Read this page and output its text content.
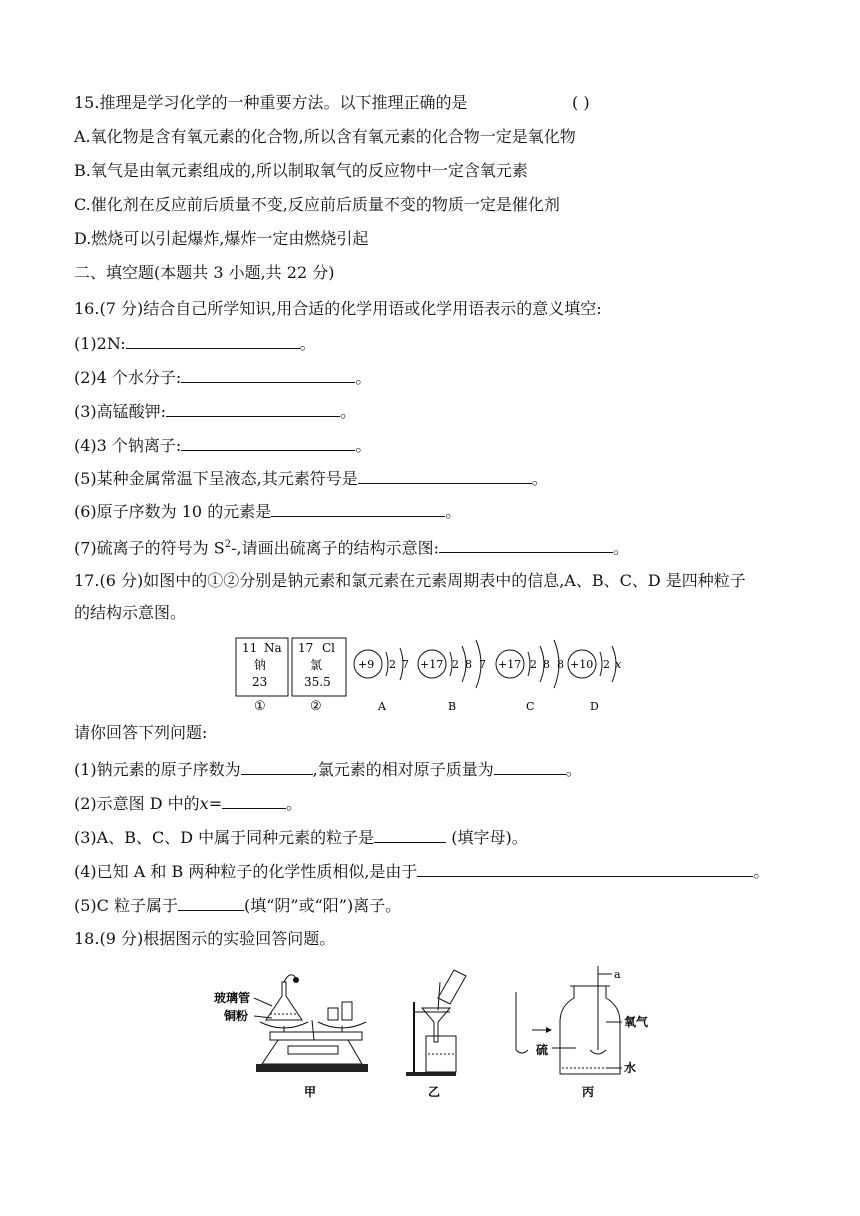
15.推理是学习化学的一种重要方法。以下推理正确的是	( )
A.氧化物是含有氧元素的化合物,所以含有氧元素的化合物一定是氧化物
B.氧气是由氧元素组成的,所以制取氧气的反应物中一定含氧元素
C.催化剂在反应前后质量不变,反应前后质量不变的物质一定是催化剂
D.燃烧可以引起爆炸,爆炸一定由燃烧引起
二、填空题(本题共 3 小题,共 22 分)
16.(7 分)结合自己所学知识,用合适的化学用语或化学用语表示的意义填空:
(1)2N:	。
(2)4 个水分子:	。
(3)高锰酸钾:	。
(4)3 个钠离子:	。
(5)某种金属常温下呈液态,其元素符号是	。
(6)原子序数为 10 的元素是	。
(7)硫离子的符号为 $S^2-$,请画出硫离子的结构示意图:	。
17.(6 分)如图中的①②分别是钠元素和氯元素在元素周期表中的信息,A、B、C、D 是四种粒子
的结构示意图。
11 Na
钠
23
①
17 Cl
氯
35.5
②
+9 2 7
A
+17 2 8 7
B
+17 2 8 8
C
+10 2 x
D
请你回答下列问题:
(1)钠元素的原子序数为	,氯元素的相对原子质量为	。
(2)示意图 D 中的x=	。
(3)A、B、C、D 中属于同种元素的粒子是	(填字母)。
(4)已知 A 和 B 两种粒子的化学性质相似,是由于	。
(5)C 粒子属于	(填“阴”或“阳”)离子。
18.(9 分)根据图示的实验回答问题。
玻璃管
铜粉
甲	乙
硫
a
氧气
水
丙
